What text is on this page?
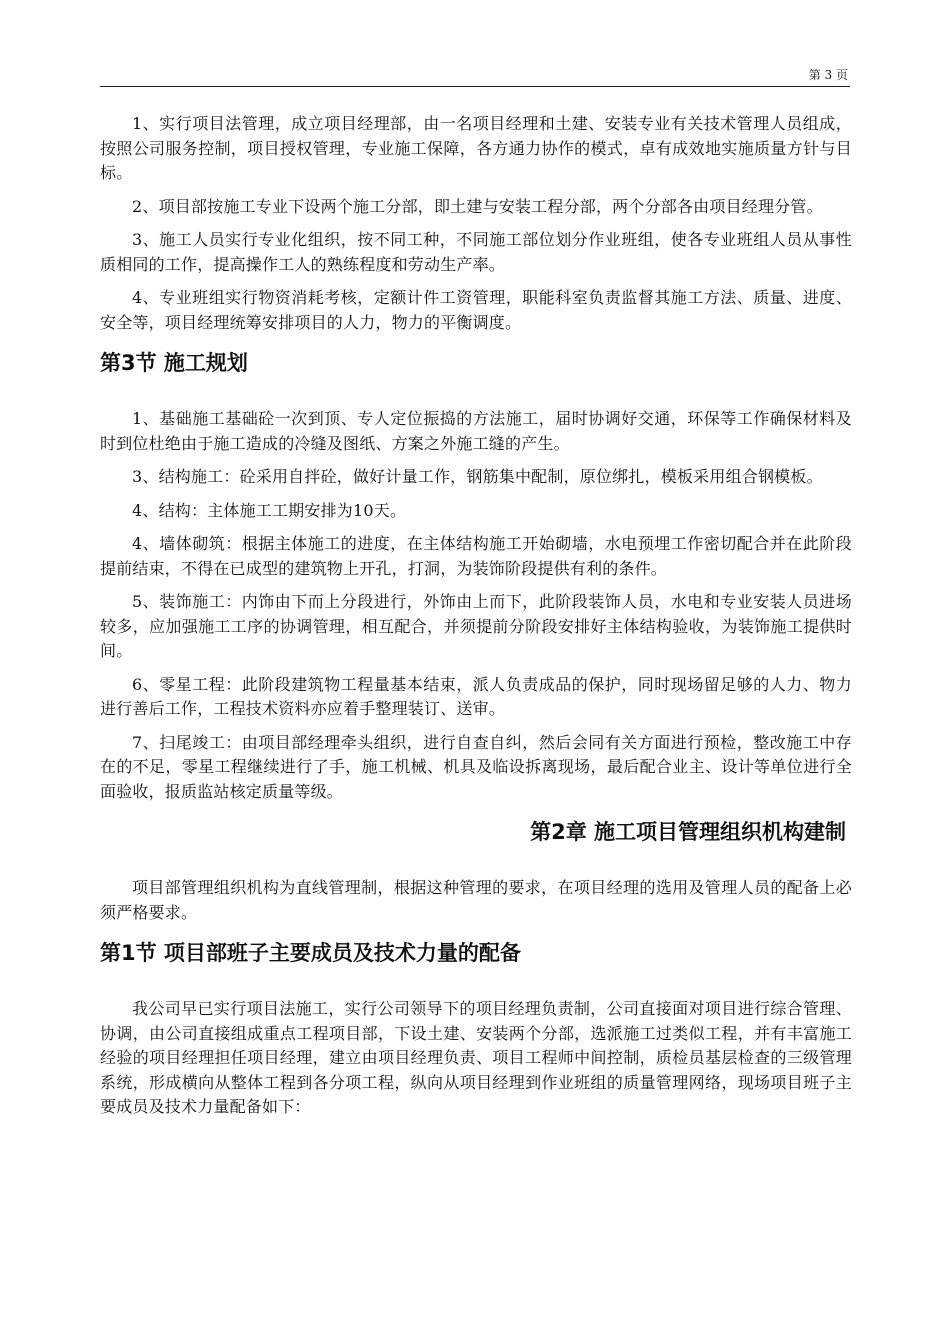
第 3 页

1、实行项目法管理，成立项目经理部，由一名项目经理和土建、安装专业有关技术管理人员组成，按照公司服务控制，项目授权管理，专业施工保障，各方通力协作的模式，卓有成效地实施质量方针与目标。

2、项目部按施工专业下设两个施工分部，即土建与安装工程分部，两个分部各由项目经理分管。

3、施工人员实行专业化组织，按不同工种，不同施工部位划分作业班组，使各专业班组人员从事性质相同的工作，提高操作工人的熟练程度和劳动生产率。

4、专业班组实行物资消耗考核，定额计件工资管理，职能科室负责监督其施工方法、质量、进度、安全等，项目经理统筹安排项目的人力，物力的平衡调度。

第3节 施工规划

1、基础施工基础砼一次到顶、专人定位振捣的方法施工，届时协调好交通，环保等工作确保材料及时到位杜绝由于施工造成的冷缝及图纸、方案之外施工缝的产生。

3、结构施工：砼采用自拌砼，做好计量工作，钢筋集中配制，原位绑扎，模板采用组合钢模板。

4、结构：主体施工工期安排为10天。

4、墙体砌筑：根据主体施工的进度，在主体结构施工开始砌墙，水电预埋工作密切配合并在此阶段提前结束，不得在已成型的建筑物上开孔，打洞，为装饰阶段提供有利的条件。

5、装饰施工：内饰由下而上分段进行，外饰由上而下，此阶段装饰人员，水电和专业安装人员进场较多，应加强施工工序的协调管理，相互配合，并须提前分阶段安排好主体结构验收，为装饰施工提供时间。

6、零星工程：此阶段建筑物工程量基本结束，派人负责成品的保护，同时现场留足够的人力、物力进行善后工作，工程技术资料亦应着手整理装订、送审。

7、扫尾竣工：由项目部经理牵头组织，进行自查自纠，然后会同有关方面进行预检，整改施工中存在的不足，零星工程继续进行了手，施工机械、机具及临设拆离现场，最后配合业主、设计等单位进行全面验收，报质监站核定质量等级。

第2章 施工项目管理组织机构建制

项目部管理组织机构为直线管理制，根据这种管理的要求，在项目经理的选用及管理人员的配备上必须严格要求。

第1节 项目部班子主要成员及技术力量的配备

我公司早已实行项目法施工，实行公司领导下的项目经理负责制，公司直接面对项目进行综合管理、协调，由公司直接组成重点工程项目部，下设土建、安装两个分部，选派施工过类似工程，并有丰富施工经验的项目经理担任项目经理，建立由项目经理负责、项目工程师中间控制，质检员基层检查的三级管理系统，形成横向从整体工程到各分项工程，纵向从项目经理到作业班组的质量管理网络，现场项目班子主要成员及技术力量配备如下：
